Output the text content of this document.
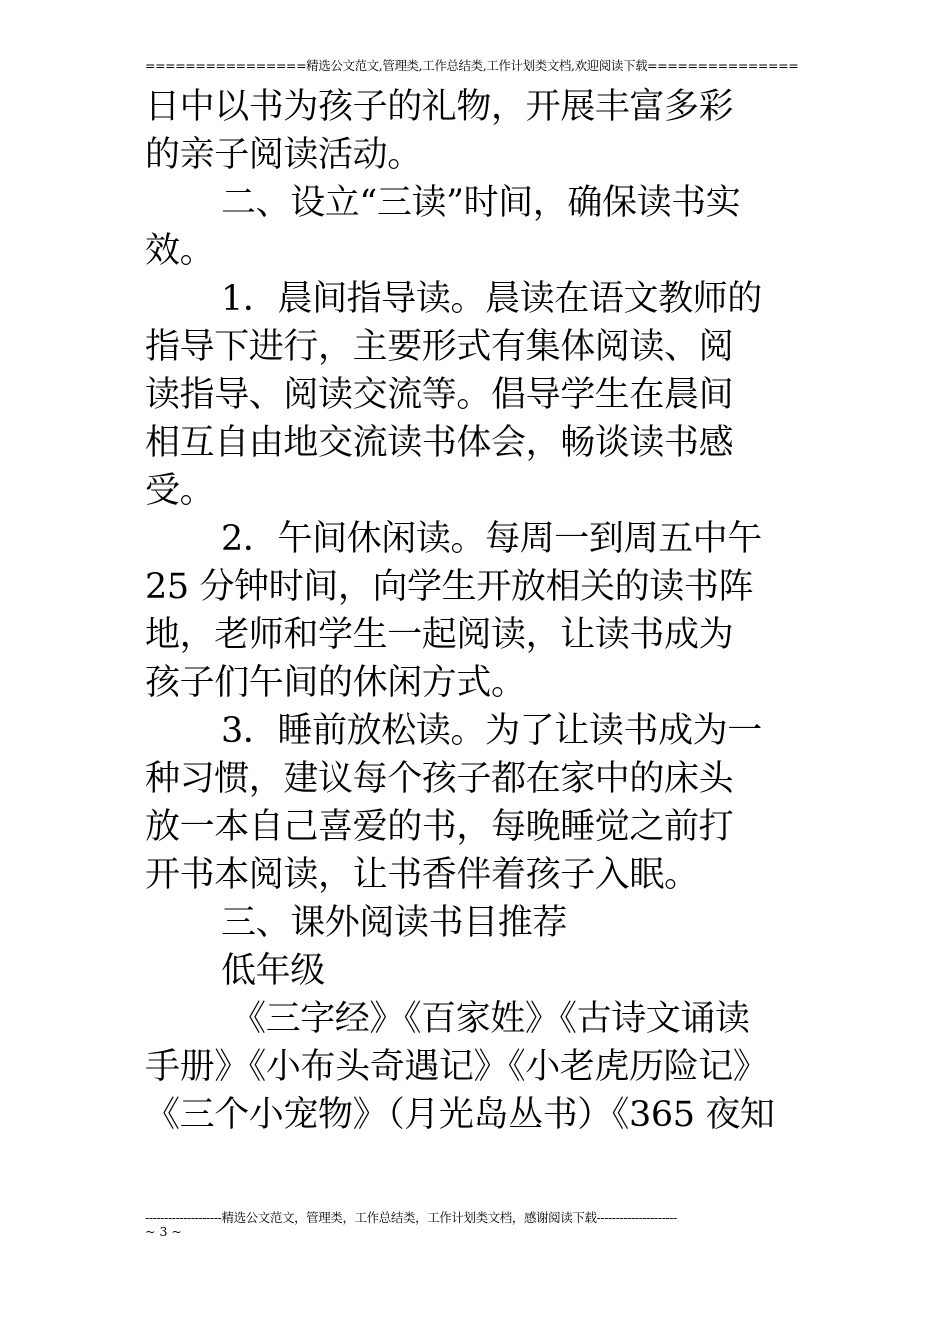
================精选公文范文,管理类,工作总结类,工作计划类文档,欢迎阅读下载===============
日中以书为孩子的礼物，开展丰富多彩
的亲子阅读活动。
二、设立“三读”时间，确保读书实
效。
1．晨间指导读。晨读在语文教师的
指导下进行，主要形式有集体阅读、阅
读指导、阅读交流等。倡导学生在晨间
相互自由地交流读书体会，畅谈读书感
受。
2．午间休闲读。每周一到周五中午
25 分钟时间，向学生开放相关的读书阵
地，老师和学生一起阅读，让读书成为
孩子们午间的休闲方式。
3．睡前放松读。为了让读书成为一
种习惯，建议每个孩子都在家中的床头
放一本自己喜爱的书，每晚睡觉之前打
开书本阅读，让书香伴着孩子入眠。
三、课外阅读书目推荐
低年级
《三字经》《百家姓》《古诗文诵读
手册》《小布头奇遇记》《小老虎历险记》
《三个小宠物》（月光岛丛书）《365 夜知
--------------------精选公文范文，管理类，工作总结类，工作计划类文档，感谢阅读下载---------------------
~ 3 ~
